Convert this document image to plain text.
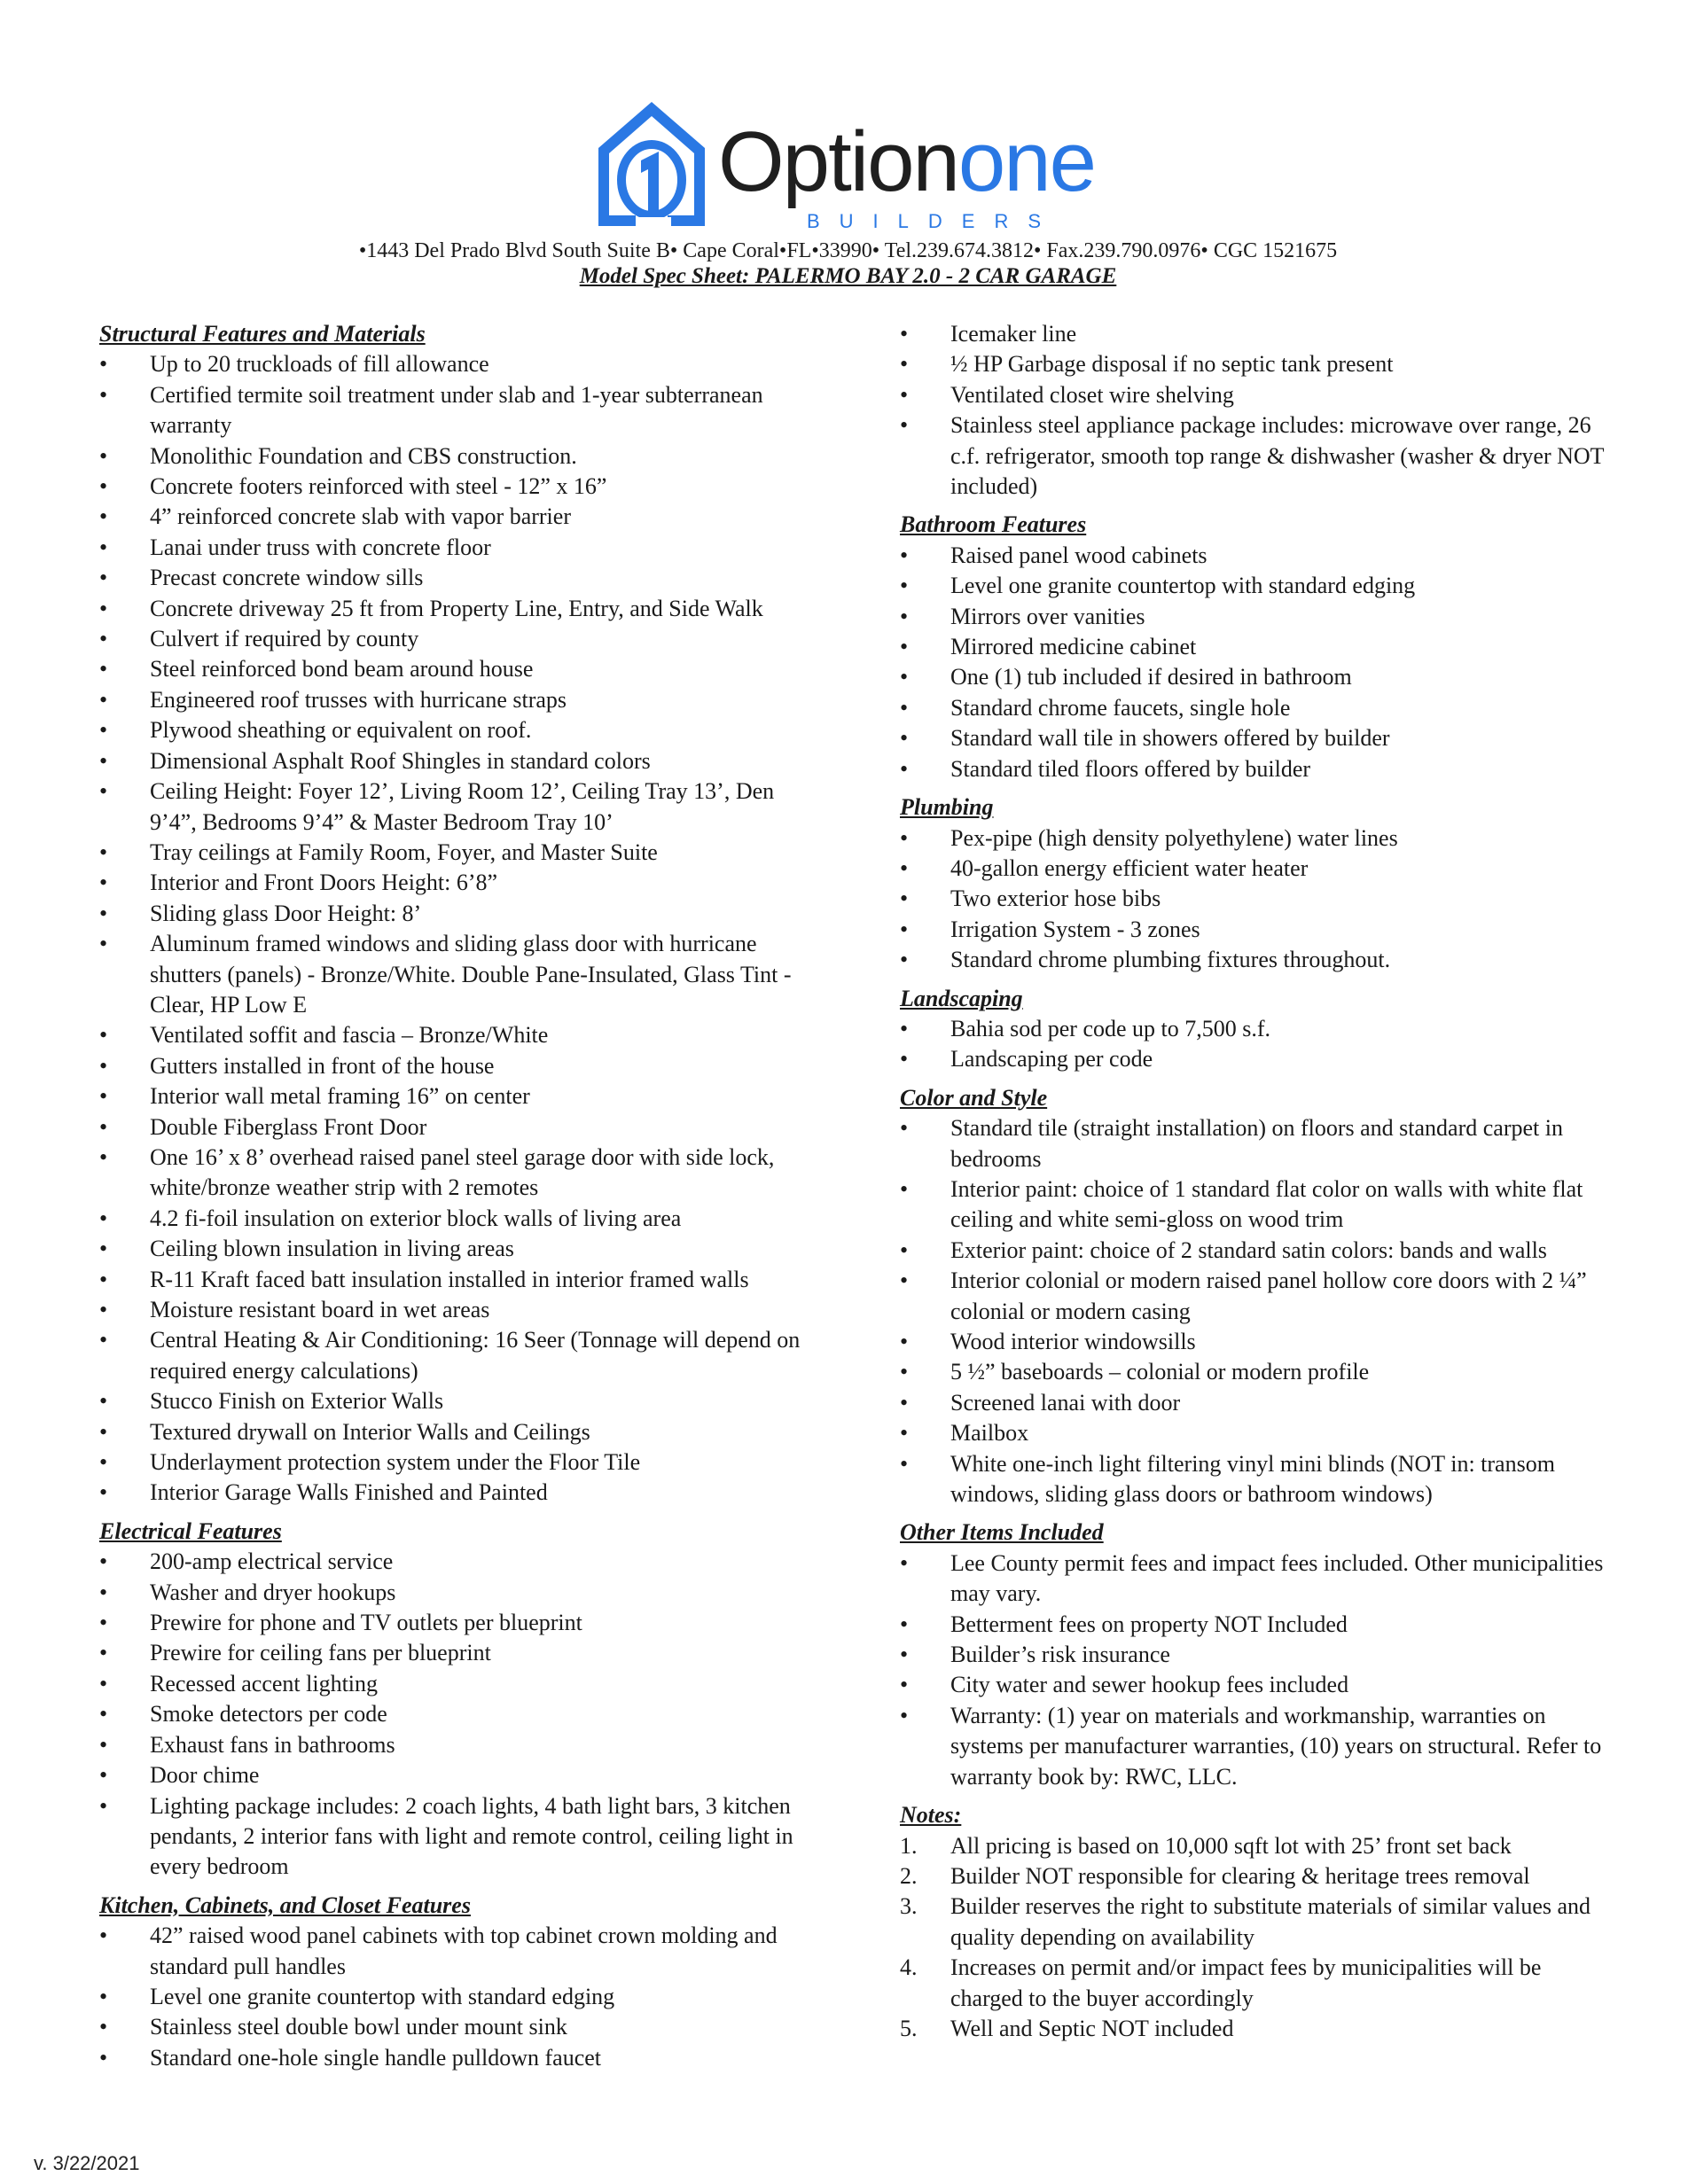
Optionone
BUILDERS
•1443 Del Prado Blvd South Suite B• Cape Coral•FL•33990• Tel.239.674.3812• Fax.239.790.0976• CGC 1521675
Model Spec Sheet: PALERMO BAY 2.0 - 2 CAR GARAGE
Structural Features and Materials
• Up to 20 truckloads of fill allowance
• Certified termite soil treatment under slab and 1-year subterranean warranty
• Monolithic Foundation and CBS construction.
• Concrete footers reinforced with steel - 12” x 16”
• 4” reinforced concrete slab with vapor barrier
• Lanai under truss with concrete floor
• Precast concrete window sills
• Concrete driveway 25 ft from Property Line, Entry, and Side Walk
• Culvert if required by county
• Steel reinforced bond beam around house
• Engineered roof trusses with hurricane straps
• Plywood sheathing or equivalent on roof.
• Dimensional Asphalt Roof Shingles in standard colors
• Ceiling Height: Foyer 12’, Living Room 12’, Ceiling Tray 13’, Den 9’4”, Bedrooms 9’4” & Master Bedroom Tray 10’
• Tray ceilings at Family Room, Foyer, and Master Suite
• Interior and Front Doors Height: 6’8”
• Sliding glass Door Height: 8’
• Aluminum framed windows and sliding glass door with hurricane shutters (panels) - Bronze/White. Double Pane-Insulated, Glass Tint - Clear, HP Low E
• Ventilated soffit and fascia – Bronze/White
• Gutters installed in front of the house
• Interior wall metal framing 16” on center
• Double Fiberglass Front Door
• One 16’ x 8’ overhead raised panel steel garage door with side lock, white/bronze weather strip with 2 remotes
• 4.2 fi-foil insulation on exterior block walls of living area
• Ceiling blown insulation in living areas
• R-11 Kraft faced batt insulation installed in interior framed walls
• Moisture resistant board in wet areas
• Central Heating & Air Conditioning: 16 Seer (Tonnage will depend on required energy calculations)
• Stucco Finish on Exterior Walls
• Textured drywall on Interior Walls and Ceilings
• Underlayment protection system under the Floor Tile
• Interior Garage Walls Finished and Painted
Electrical Features
• 200-amp electrical service
• Washer and dryer hookups
• Prewire for phone and TV outlets per blueprint
• Prewire for ceiling fans per blueprint
• Recessed accent lighting
• Smoke detectors per code
• Exhaust fans in bathrooms
• Door chime
• Lighting package includes: 2 coach lights, 4 bath light bars, 3 kitchen pendants, 2 interior fans with light and remote control, ceiling light in every bedroom
Kitchen, Cabinets, and Closet Features
• 42” raised wood panel cabinets with top cabinet crown molding and standard pull handles
• Level one granite countertop with standard edging
• Stainless steel double bowl under mount sink
• Standard one-hole single handle pulldown faucet
• Icemaker line
• ½ HP Garbage disposal if no septic tank present
• Ventilated closet wire shelving
• Stainless steel appliance package includes: microwave over range, 26 c.f. refrigerator, smooth top range & dishwasher (washer & dryer NOT included)
Bathroom Features
• Raised panel wood cabinets
• Level one granite countertop with standard edging
• Mirrors over vanities
• Mirrored medicine cabinet
• One (1) tub included if desired in bathroom
• Standard chrome faucets, single hole
• Standard wall tile in showers offered by builder
• Standard tiled floors offered by builder
Plumbing
• Pex-pipe (high density polyethylene) water lines
• 40-gallon energy efficient water heater
• Two exterior hose bibs
• Irrigation System - 3 zones
• Standard chrome plumbing fixtures throughout.
Landscaping
• Bahia sod per code up to 7,500 s.f.
• Landscaping per code
Color and Style
• Standard tile (straight installation) on floors and standard carpet in bedrooms
• Interior paint: choice of 1 standard flat color on walls with white flat ceiling and white semi-gloss on wood trim
• Exterior paint: choice of 2 standard satin colors: bands and walls
• Interior colonial or modern raised panel hollow core doors with 2 ¼” colonial or modern casing
• Wood interior windowsills
• 5 ½” baseboards – colonial or modern profile
• Screened lanai with door
• Mailbox
• White one-inch light filtering vinyl mini blinds (NOT in: transom windows, sliding glass doors or bathroom windows)
Other Items Included
• Lee County permit fees and impact fees included. Other municipalities may vary.
• Betterment fees on property NOT Included
• Builder’s risk insurance
• City water and sewer hookup fees included
• Warranty: (1) year on materials and workmanship, warranties on systems per manufacturer warranties, (10) years on structural. Refer to warranty book by: RWC, LLC.
Notes:
1. All pricing is based on 10,000 sqft lot with 25’ front set back
2. Builder NOT responsible for clearing & heritage trees removal
3. Builder reserves the right to substitute materials of similar values and quality depending on availability
4. Increases on permit and/or impact fees by municipalities will be charged to the buyer accordingly
5. Well and Septic NOT included
v. 3/22/2021
